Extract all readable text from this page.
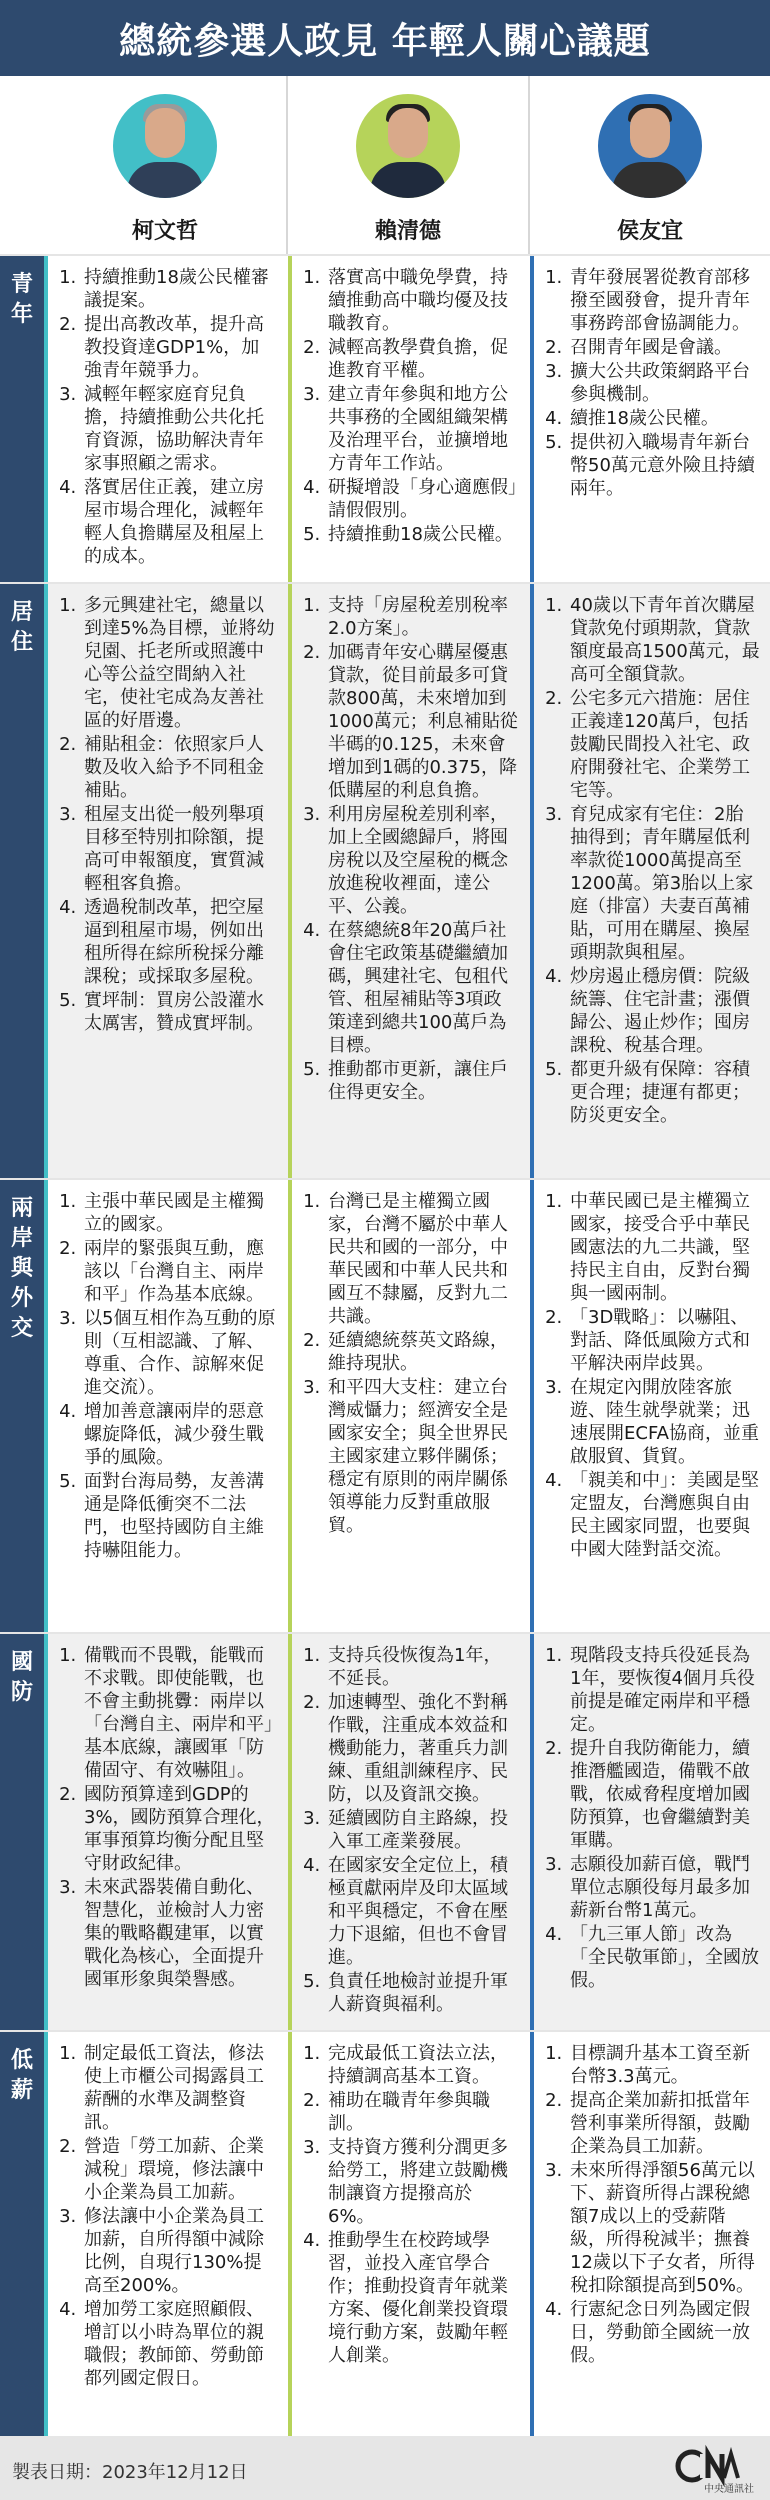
總統參選人政見 年輕人關心議題
柯文哲	賴清德	侯友宜
青年
1. 持續推動18歲公民權審議提案。
2. 提出高教改革，提升高教投資達GDP1%，加強青年競爭力。
3. 減輕年輕家庭育兒負擔，持續推動公共化托育資源，協助解決青年家事照顧之需求。
4. 落實居住正義，建立房屋市場合理化，減輕年輕人負擔購屋及租屋上的成本。
1. 落實高中職免學費，持續推動高中職均優及技職教育。
2. 減輕高教學費負擔，促進教育平權。
3. 建立青年參與和地方公共事務的全國組織架構及治理平台，並擴增地方青年工作站。
4. 研擬增設「身心適應假」請假假別。
5. 持續推動18歲公民權。
1. 青年發展署從教育部移撥至國發會，提升青年事務跨部會協調能力。
2. 召開青年國是會議。
3. 擴大公共政策網路平台參與機制。
4. 續推18歲公民權。
5. 提供初入職場青年新台幣50萬元意外險且持續兩年。
居住
1. 多元興建社宅，總量以到達5%為目標，並將幼兒園、托老所或照護中心等公益空間納入社宅，使社宅成為友善社區的好厝邊。
2. 補貼租金：依照家戶人數及收入給予不同租金補貼。
3. 租屋支出從一般列舉項目移至特別扣除額，提高可申報額度，實質減輕租客負擔。
4. 透過稅制改革，把空屋逼到租屋市場，例如出租所得在綜所稅採分離課稅；或採取多屋稅。
5. 實坪制：買房公設灌水太厲害，贊成實坪制。
1. 支持「房屋稅差別稅率2.0方案」。
2. 加碼青年安心購屋優惠貸款，從目前最多可貸款800萬，未來增加到1000萬元；利息補貼從半碼的0.125，未來會增加到1碼的0.375，降低購屋的利息負擔。
3. 利用房屋稅差別利率，加上全國總歸戶，將囤房稅以及空屋稅的概念放進稅收裡面，達公平、公義。
4. 在蔡總統8年20萬戶社會住宅政策基礎繼續加碼，興建社宅、包租代管、租屋補貼等3項政策達到總共100萬戶為目標。
5. 推動都市更新，讓住戶住得更安全。
1. 40歲以下青年首次購屋貸款免付頭期款，貸款額度最高1500萬元，最高可全額貸款。
2. 公宅多元六措施：居住正義達120萬戶，包括鼓勵民間投入社宅、政府開發社宅、企業勞工宅等。
3. 育兒成家有宅住：2胎抽得到；青年購屋低利率款從1000萬提高至1200萬。第3胎以上家庭（排富）夫妻百萬補貼，可用在購屋、換屋頭期款與租屋。
4. 炒房遏止穩房價：院級統籌、住宅計畫；漲價歸公、遏止炒作；囤房課稅、稅基合理。
5. 都更升級有保障：容積更合理；捷運有都更；防災更安全。
兩岸與外交
1. 主張中華民國是主權獨立的國家。
2. 兩岸的緊張與互動，應該以「台灣自主、兩岸和平」作為基本底線。
3. 以5個互相作為互動的原則（互相認識、了解、尊重、合作、諒解來促進交流）。
4. 增加善意讓兩岸的惡意螺旋降低，減少發生戰爭的風險。
5. 面對台海局勢，友善溝通是降低衝突不二法門，也堅持國防自主維持嚇阻能力。
1. 台灣已是主權獨立國家，台灣不屬於中華人民共和國的一部分，中華民國和中華人民共和國互不隸屬，反對九二共識。
2. 延續總統蔡英文路線，維持現狀。
3. 和平四大支柱：建立台灣威懾力；經濟安全是國家安全；與全世界民主國家建立夥伴關係；穩定有原則的兩岸關係領導能力反對重啟服貿。
1. 中華民國已是主權獨立國家，接受合乎中華民國憲法的九二共識，堅持民主自由，反對台獨與一國兩制。
2. 「3D戰略」：以嚇阻、對話、降低風險方式和平解決兩岸歧異。
3. 在規定內開放陸客旅遊、陸生就學就業；迅速展開ECFA協商，並重啟服貿、貨貿。
4. 「親美和中」：美國是堅定盟友，台灣應與自由民主國家同盟，也要與中國大陸對話交流。
國防
1. 備戰而不畏戰，能戰而不求戰。即使能戰，也不會主動挑釁：兩岸以「台灣自主、兩岸和平」基本底線，讓國軍「防備固守、有效嚇阻」。
2. 國防預算達到GDP的3%，國防預算合理化，軍事預算均衡分配且堅守財政紀律。
3. 未來武器裝備自動化、智慧化，並檢討人力密集的戰略觀建軍，以實戰化為核心，全面提升國軍形象與榮譽感。
1. 支持兵役恢復為1年，不延長。
2. 加速轉型、強化不對稱作戰，注重成本效益和機動能力，著重兵力訓練、重組訓練程序、民防，以及資訊交換。
3. 延續國防自主路線，投入軍工產業發展。
4. 在國家安全定位上，積極貢獻兩岸及印太區域和平與穩定，不會在壓力下退縮，但也不會冒進。
5. 負責任地檢討並提升軍人薪資與福利。
1. 現階段支持兵役延長為1年，要恢復4個月兵役前提是確定兩岸和平穩定。
2. 提升自我防衛能力，續推潛艦國造，備戰不啟戰，依威脅程度增加國防預算，也會繼續對美軍購。
3. 志願役加薪百億，戰鬥單位志願役每月最多加薪新台幣1萬元。
4. 「九三軍人節」改為「全民敬軍節」，全國放假。
低薪
1. 制定最低工資法，修法使上市櫃公司揭露員工薪酬的水準及調整資訊。
2. 營造「勞工加薪、企業減稅」環境，修法讓中小企業為員工加薪。
3. 修法讓中小企業為員工加薪，自所得額中減除比例，自現行130%提高至200%。
4. 增加勞工家庭照顧假、增訂以小時為單位的親職假；教師節、勞動節都列國定假日。
1. 完成最低工資法立法，持續調高基本工資。
2. 補助在職青年參與職訓。
3. 支持資方獲利分潤更多給勞工，將建立鼓勵機制讓資方提撥高於6%。
4. 推動學生在校跨域學習，並投入產官學合作；推動投資青年就業方案、優化創業投資環境行動方案，鼓勵年輕人創業。
1. 目標調升基本工資至新台幣3.3萬元。
2. 提高企業加薪扣抵當年營利事業所得額，鼓勵企業為員工加薪。
3. 未來所得淨額56萬元以下、薪資所得占課稅總額7成以上的受薪階級，所得稅減半；撫養12歲以下子女者，所得稅扣除額提高到50%。
4. 行憲紀念日列為國定假日，勞動節全國統一放假。
製表日期：2023年12月12日
中央通訊社
